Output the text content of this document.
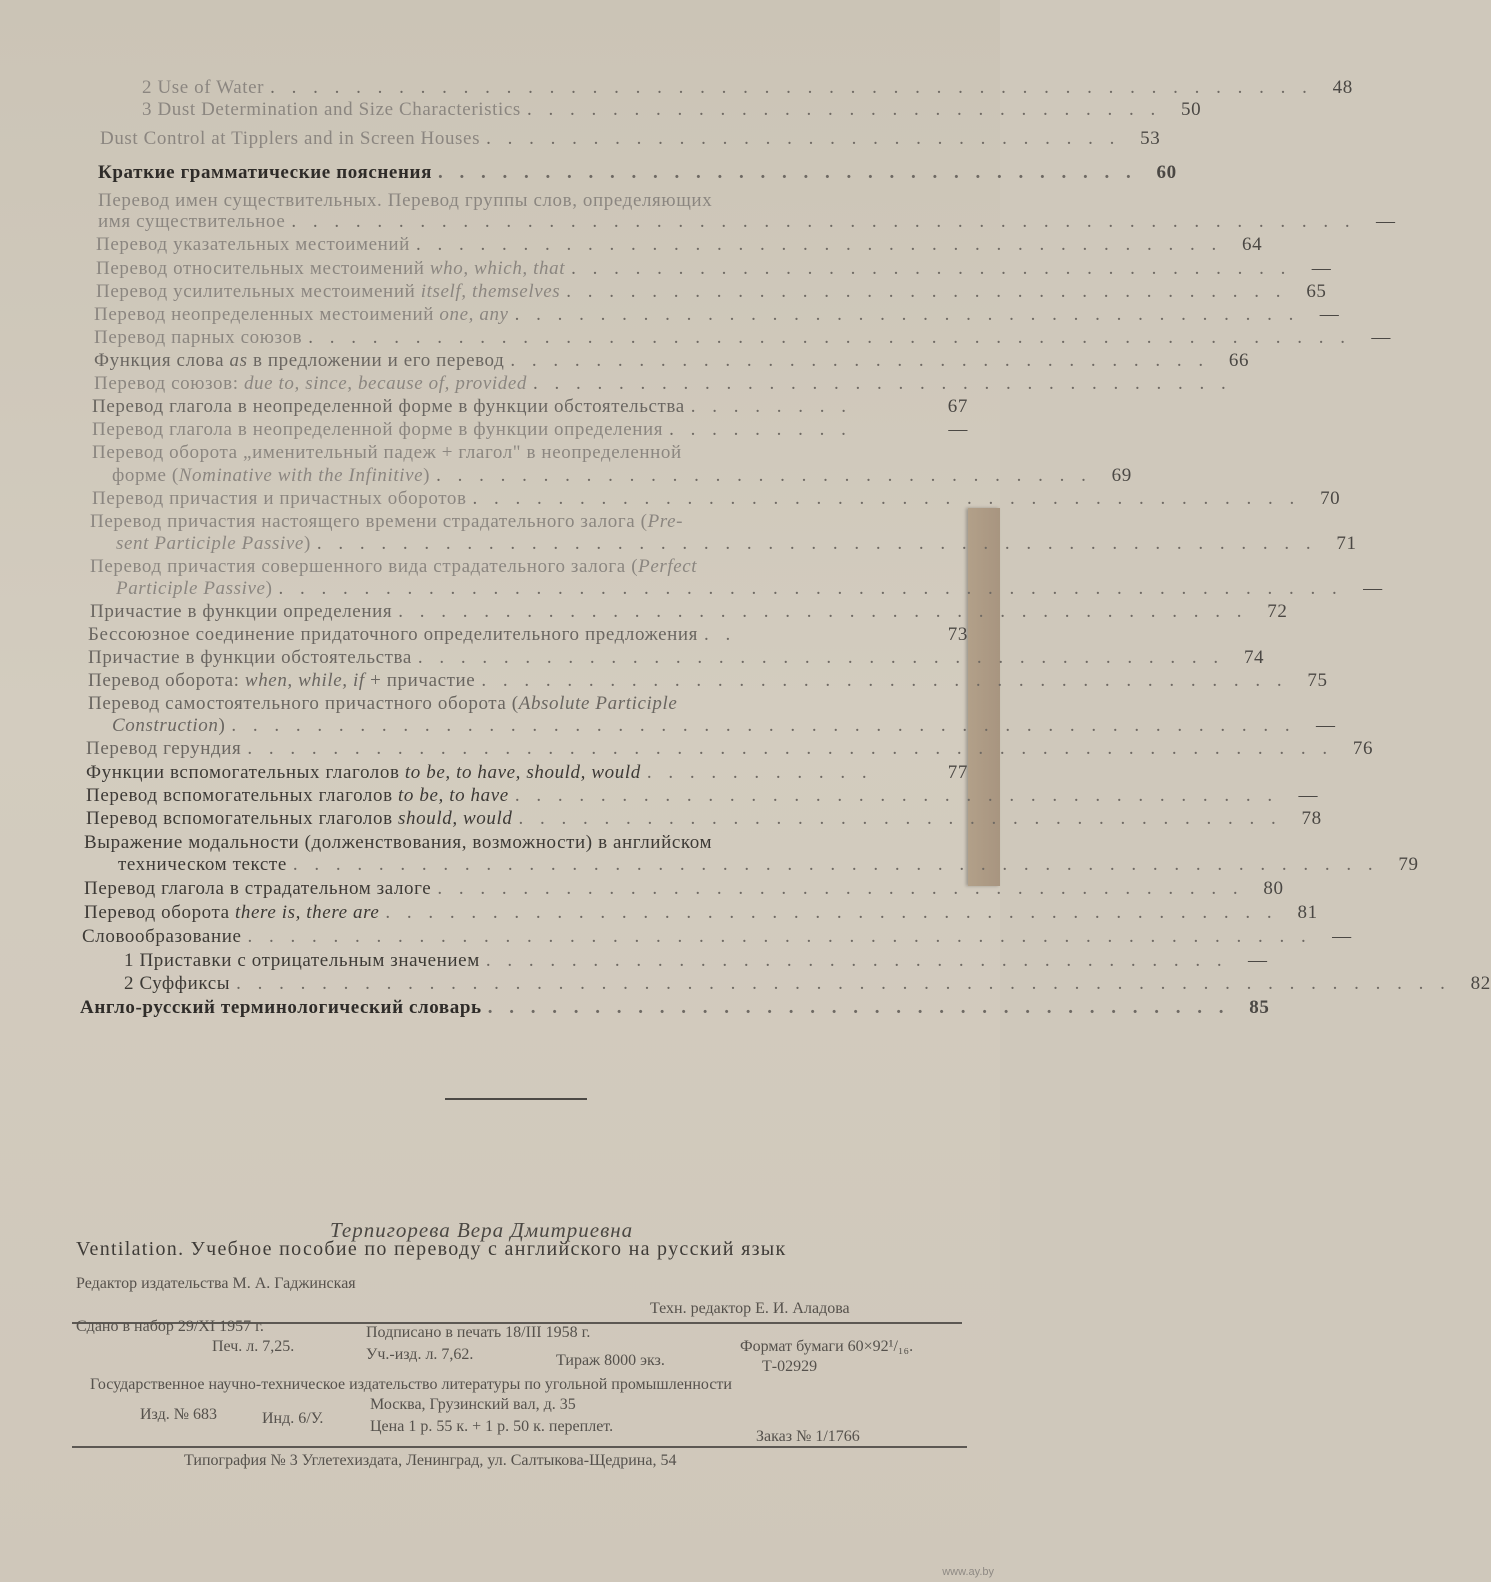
2 Use of Water . . . . . . . . . . . . . . . . . . . . . . . . . . . . . . . . . . . . . . . . . . . . . . . . .	48
3 Dust Determination and Size Characteristics . . . . . . . . . . . . . . . . . . . . . . . . . . . . . .	50
Dust Control at Tipplers and in Screen Houses . . . . . . . . . . . . . . . . . . . . . . . . . . . . . .	53
Краткие грамматические пояснения . . . . . . . . . . . . . . . . . . . . . . . . . . . . . . . . .	60
Перевод имен существительных. Перевод группы слов, определяющих
имя существительное . . . . . . . . . . . . . . . . . . . . . . . . . . . . . . . . . . . . . . . . . . . . . . . . . .	—
Перевод указательных местоимений . . . . . . . . . . . . . . . . . . . . . . . . . . . . . . . . . . . . . .	64
Перевод относительных местоимений who, which, that . . . . . . . . . . . . . . . . . . . . . . . . . . . . . . . . . .	—
Перевод усилительных местоимений itself, themselves . . . . . . . . . . . . . . . . . . . . . . . . . . . . . . . . . .	65
Перевод неопределенных местоимений one, any . . . . . . . . . . . . . . . . . . . . . . . . . . . . . . . . . . . . .	—
Перевод парных союзов . . . . . . . . . . . . . . . . . . . . . . . . . . . . . . . . . . . . . . . . . . . . . . . . .	—
Функция слова as в предложении и его перевод . . . . . . . . . . . . . . . . . . . . . . . . . . . . . . . . .	66
Перевод союзов: due to, since, because of, provided . . . . . . . . . . . . . . . . . . . . . . . . . . . . . . . . .
Перевод глагола в неопределенной форме в функции обстоятельства . . . . . . . .	67
Перевод глагола в неопределенной форме в функции определения . . . . . . . . .	—
Перевод оборота „именительный падеж + глагол" в неопределенной
форме (Nominative with the Infinitive) . . . . . . . . . . . . . . . . . . . . . . . . . . . . . . .	69
Перевод причастия и причастных оборотов . . . . . . . . . . . . . . . . . . . . . . . . . . . . . . . . . . . . . . .	70
Перевод причастия настоящего времени страдательного залога (Pre-
sent Participle Passive) . . . . . . . . . . . . . . . . . . . . . . . . . . . . . . . . . . . . . . . . . . . . . . .	71
Перевод причастия совершенного вида страдательного залога (Perfect
Participle Passive) . . . . . . . . . . . . . . . . . . . . . . . . . . . . . . . . . . . . . . . . . . . . . . . . . .	—
Причастие в функции определения . . . . . . . . . . . . . . . . . . . . . . . . . . . . . . . . . . . . . . . .	72
Бессоюзное соединение придаточного определительного предложения . .	73
Причастие в функции обстоятельства . . . . . . . . . . . . . . . . . . . . . . . . . . . . . . . . . . . . . .	74
Перевод оборота: when, while, if + причастие . . . . . . . . . . . . . . . . . . . . . . . . . . . . . . . . . . . . . .	75
Перевод самостоятельного причастного оборота (Absolute Participle
Construction) . . . . . . . . . . . . . . . . . . . . . . . . . . . . . . . . . . . . . . . . . . . . . . . . . .	—
Перевод герундия . . . . . . . . . . . . . . . . . . . . . . . . . . . . . . . . . . . . . . . . . . . . . . . . . . .	76
Функции вспомогательных глаголов to be, to have, should, would . . . . . . . . . . .	77
Перевод вспомогательных глаголов to be, to have . . . . . . . . . . . . . . . . . . . . . . . . . . . . . . . . . . . .	—
Перевод вспомогательных глаголов should, would . . . . . . . . . . . . . . . . . . . . . . . . . . . . . . . . . . . .	78
Выражение модальности (долженствования, возможности) в английском
техническом тексте . . . . . . . . . . . . . . . . . . . . . . . . . . . . . . . . . . . . . . . . . . . . . . . . . . .	79
Перевод глагола в страдательном залоге . . . . . . . . . . . . . . . . . . . . . . . . . . . . . . . . . . . . . .	80
Перевод оборота there is, there are . . . . . . . . . . . . . . . . . . . . . . . . . . . . . . . . . . . . . . . . . .	81
Словообразование . . . . . . . . . . . . . . . . . . . . . . . . . . . . . . . . . . . . . . . . . . . . . . . . . .	—
1 Приставки с отрицательным значением . . . . . . . . . . . . . . . . . . . . . . . . . . . . . . . . . . .	—
2 Суффиксы . . . . . . . . . . . . . . . . . . . . . . . . . . . . . . . . . . . . . . . . . . . . . . . . . . . . . . . . .	82
Англо-русский терминологический словарь . . . . . . . . . . . . . . . . . . . . . . . . . . . . . . . . . . .	85
Терпигорева Вера Дмитриевна
Ventilation. Учебное пособие по переводу с английского на русский язык
Редактор издательства М. А. Гаджинская
Техн. редактор Е. И. Аладова
Сдано в набор 29/XI 1957 г.	Подписано в печать 18/III 1958 г.
Формат бумаги 60×92¹/₁₆.
Печ. л. 7,25.	Уч.-изд. л. 7,62.	Тираж 8000 экз.	Т-02929
Государственное научно-техническое издательство литературы по угольной промышленности
Москва, Грузинский вал, д. 35
Изд. № 683	Инд. 6/У.	Цена 1 р. 55 к. + 1 р. 50 к. переплет.
Заказ № 1/1766
Типография № 3 Углетехиздата, Ленинград, ул. Салтыкова-Щедрина, 54
www.ay.by
